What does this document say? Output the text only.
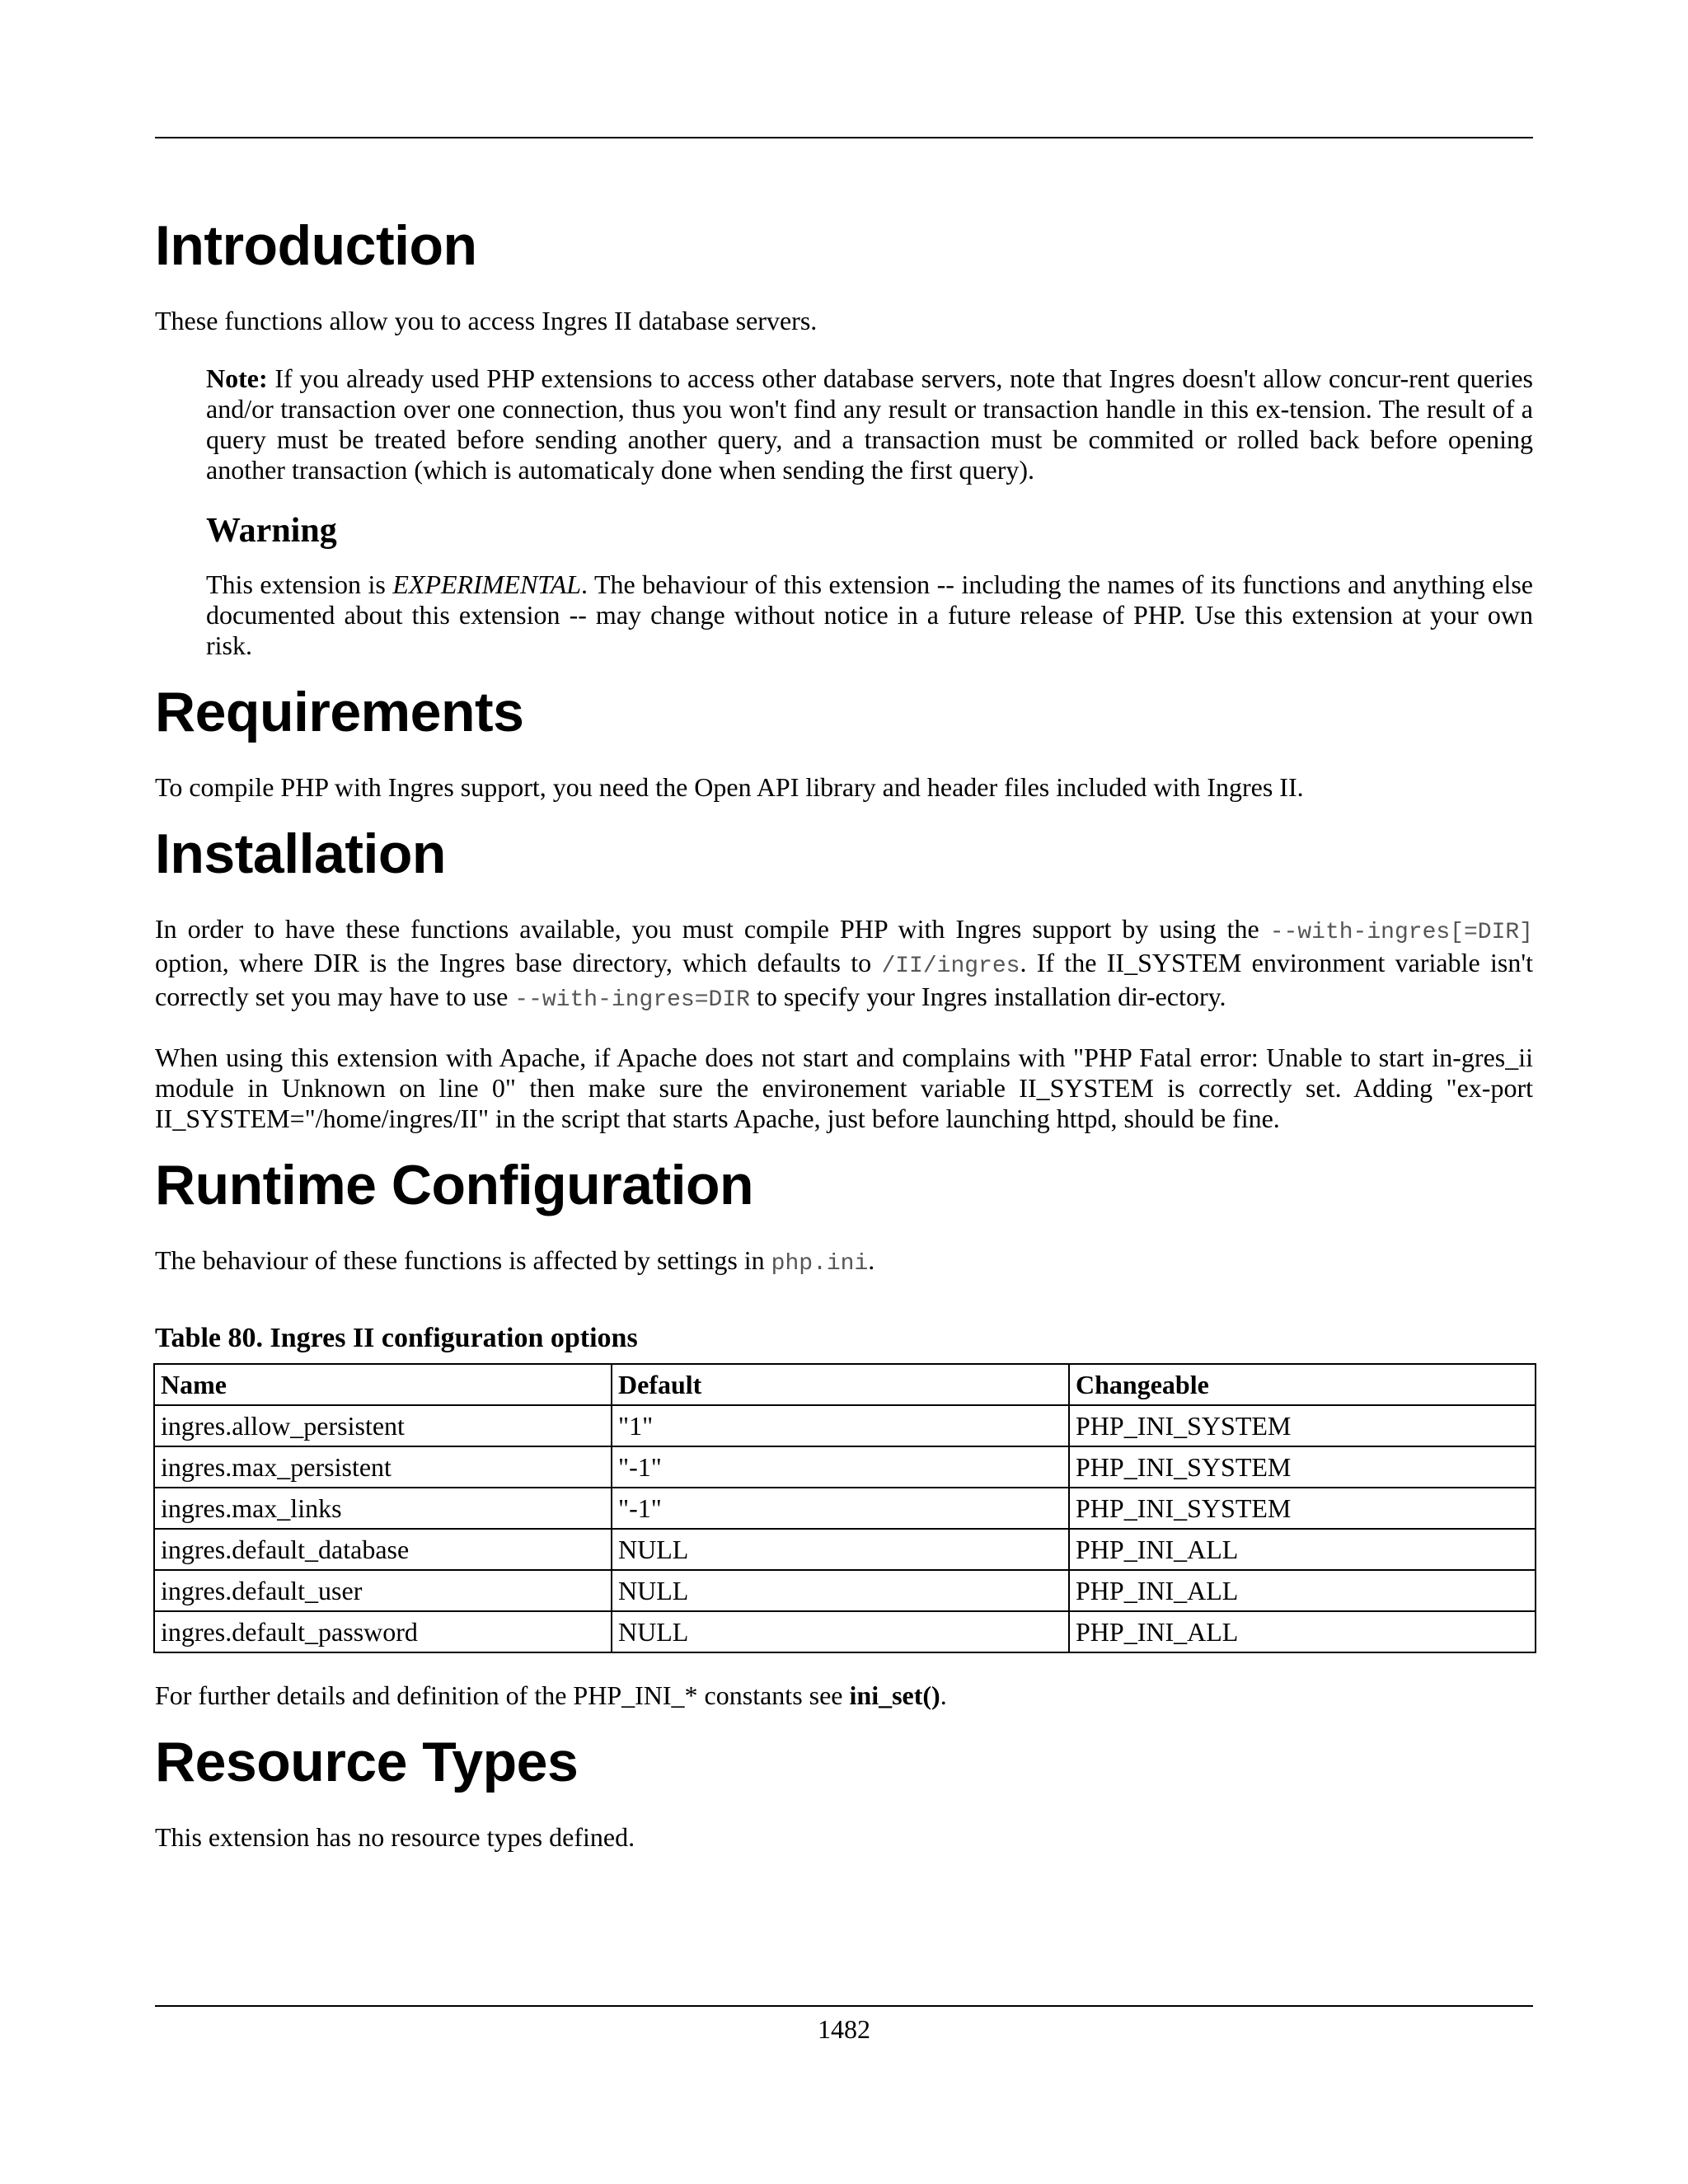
Introduction

These functions allow you to access Ingres II database servers.

Note: If you already used PHP extensions to access other database servers, note that Ingres doesn't allow concur-rent queries and/or transaction over one connection, thus you won't find any result or transaction handle in this ex-tension. The result of a query must be treated before sending another query, and a transaction must be commited or rolled back before opening another transaction (which is automaticaly done when sending the first query).

Warning

This extension is EXPERIMENTAL. The behaviour of this extension -- including the names of its functions and anything else documented about this extension -- may change without notice in a future release of PHP. Use this extension at your own risk.

Requirements

To compile PHP with Ingres support, you need the Open API library and header files included with Ingres II.

Installation

In order to have these functions available, you must compile PHP with Ingres support by using the --with-ingres[=DIR] option, where DIR is the Ingres base directory, which defaults to /II/ingres. If the II_SYSTEM environment variable isn't correctly set you may have to use --with-ingres=DIR to specify your Ingres installation dir-ectory.

When using this extension with Apache, if Apache does not start and complains with "PHP Fatal error: Unable to start in-gres_ii module in Unknown on line 0" then make sure the environement variable II_SYSTEM is correctly set. Adding "ex-port II_SYSTEM="/home/ingres/II" in the script that starts Apache, just before launching httpd, should be fine.

Runtime Configuration

The behaviour of these functions is affected by settings in php.ini.

Table 80. Ingres II configuration options
Name	Default	Changeable
ingres.allow_persistent	"1"	PHP_INI_SYSTEM
ingres.max_persistent	"-1"	PHP_INI_SYSTEM
ingres.max_links	"-1"	PHP_INI_SYSTEM
ingres.default_database	NULL	PHP_INI_ALL
ingres.default_user	NULL	PHP_INI_ALL
ingres.default_password	NULL	PHP_INI_ALL

For further details and definition of the PHP_INI_* constants see ini_set().

Resource Types

This extension has no resource types defined.

1482
